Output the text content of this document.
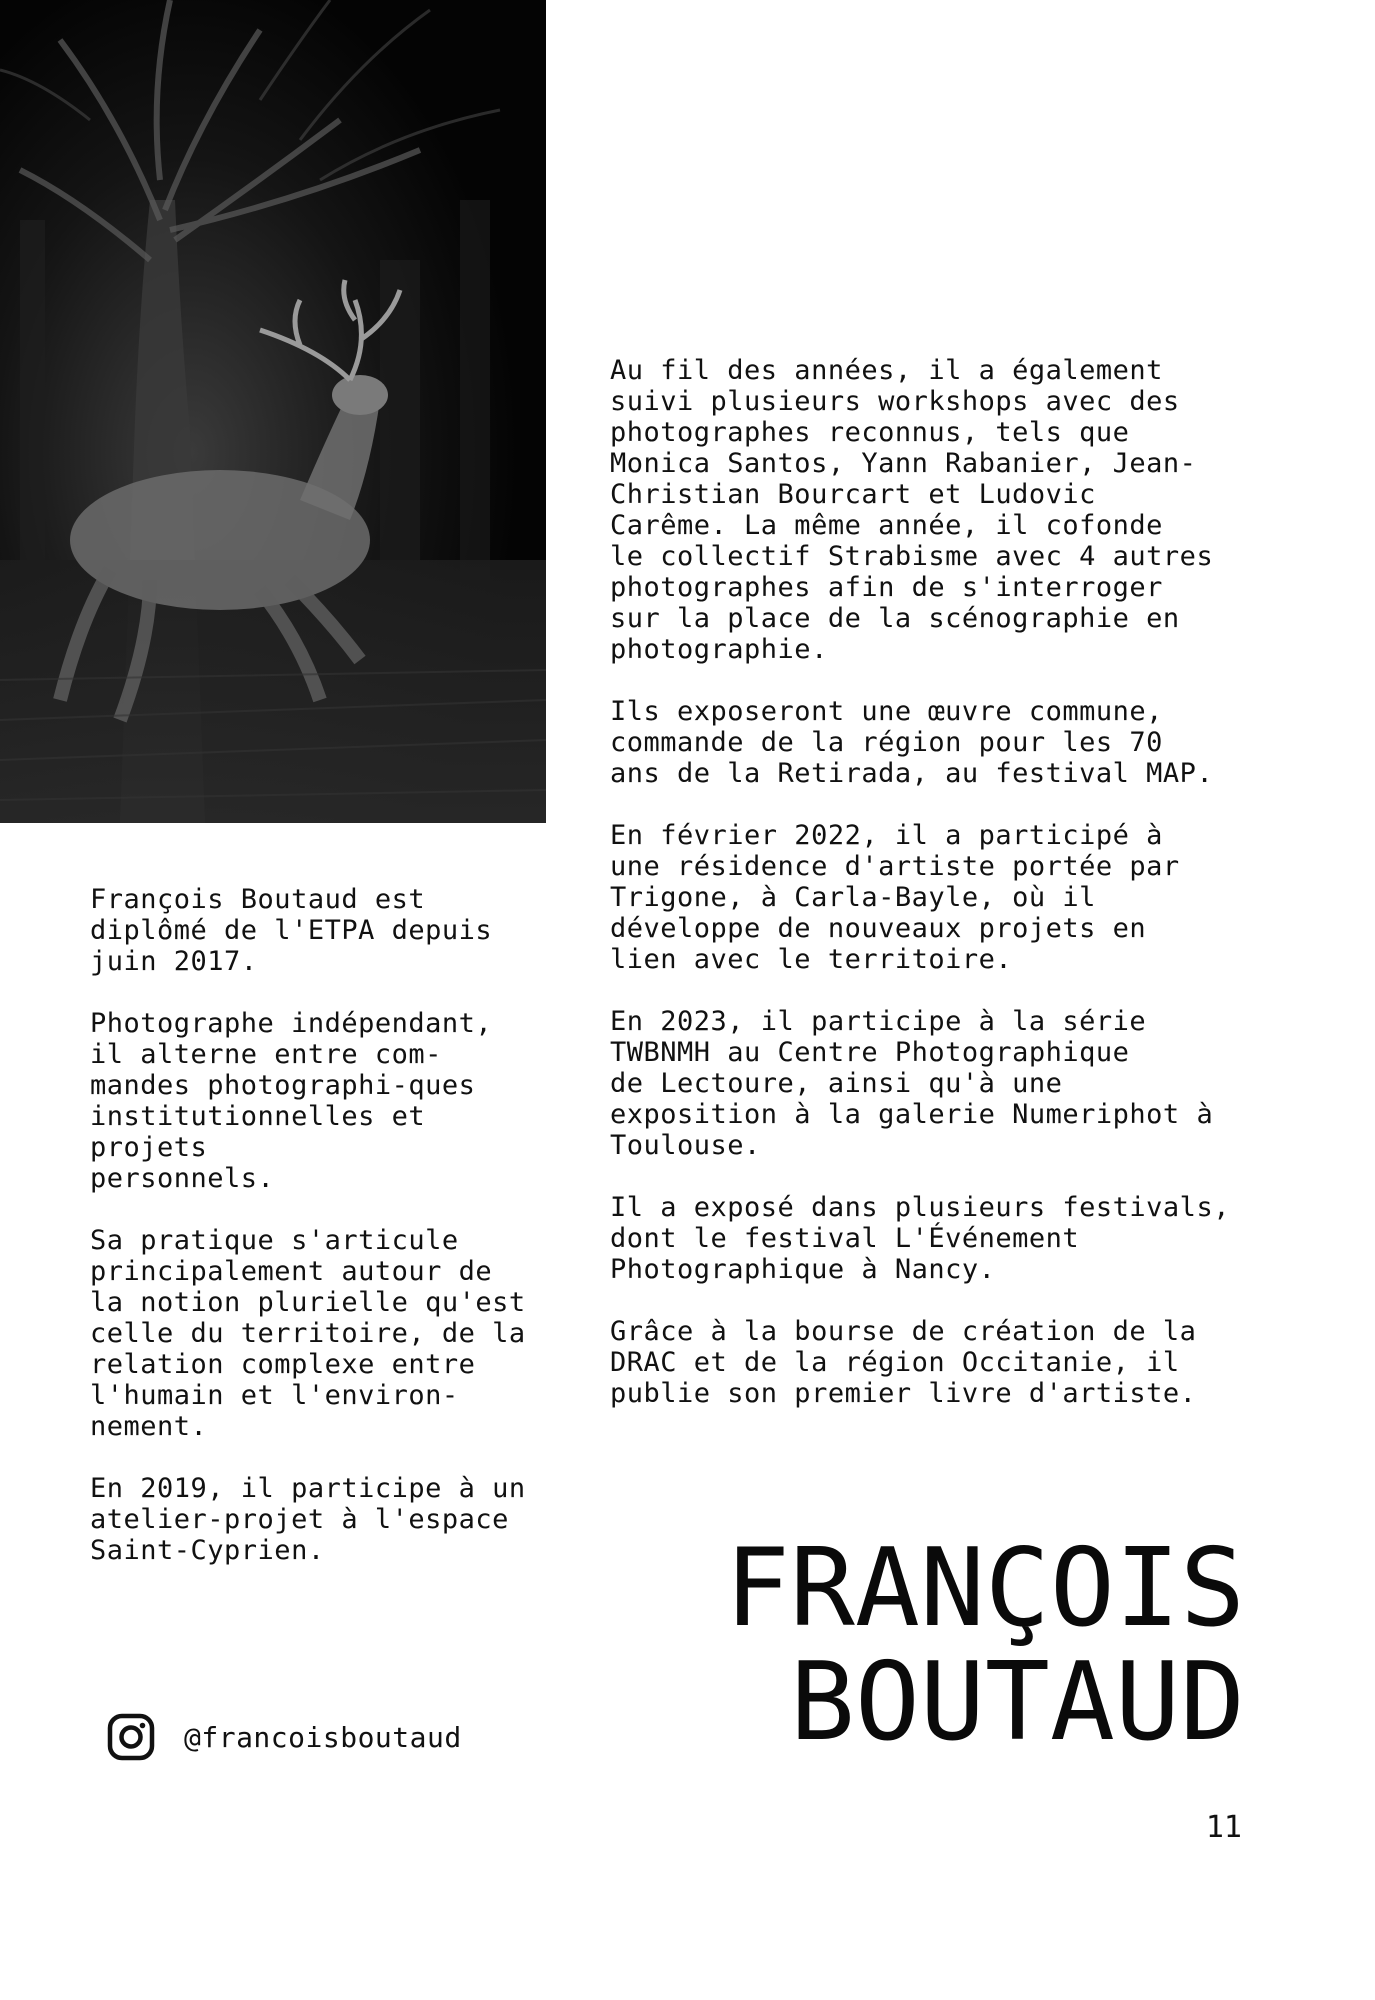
François Boutaud est
diplômé de l'ETPA depuis
juin 2017.

Photographe indépendant,
il alterne entre com-
mandes photographi-ques
institutionnelles et projets
personnels.

Sa pratique s'articule
principalement autour de
la notion plurielle qu'est
celle du territoire, de la
relation complexe entre
l'humain et l'environ-
nement.

En 2019, il participe à un
atelier-projet à l'espace
Saint-Cyprien.

Au fil des années, il a également
suivi plusieurs workshops avec des
photographes reconnus, tels que
Monica Santos, Yann Rabanier, Jean-
Christian Bourcart et Ludovic
Carême. La même année, il cofonde
le collectif Strabisme avec 4 autres
photographes afin de s'interroger
sur la place de la scénographie en
photographie.

Ils exposeront une œuvre commune,
commande de la région pour les 70
ans de la Retirada, au festival MAP.

En février 2022, il a participé à
une résidence d'artiste portée par
Trigone, à Carla-Bayle, où il
développe de nouveaux projets en
lien avec le territoire.

En 2023, il participe à la série
TWBNMH au Centre Photographique
de Lectoure, ainsi qu'à une
exposition à la galerie Numeriphot à
Toulouse.

Il a exposé dans plusieurs festivals,
dont le festival L'Événement
Photographique à Nancy.

Grâce à la bourse de création de la
DRAC et de la région Occitanie, il
publie son premier livre d'artiste.

FRANÇOIS
BOUTAUD
@francoisboutaud
11
